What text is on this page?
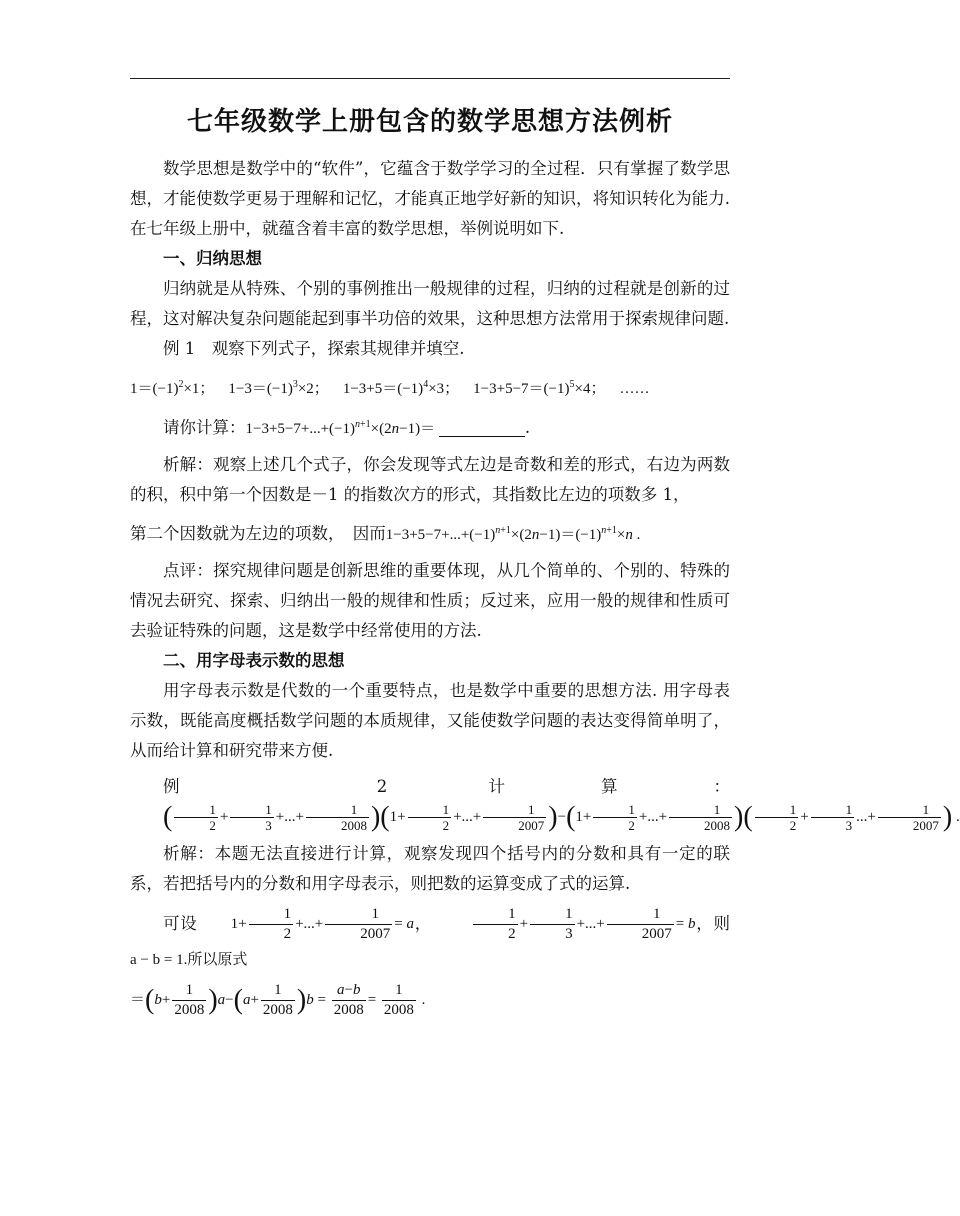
七年级数学上册包含的数学思想方法例析

数学思想是数学中的“软件”，它蕴含于数学学习的全过程．只有掌握了数学思想，才能使数学更易于理解和记忆，才能真正地学好新的知识，将知识转化为能力. 在七年级上册中，就蕴含着丰富的数学思想，举例说明如下.

一、归纳思想

归纳就是从特殊、个别的事例推出一般规律的过程，归纳的过程就是创新的过程，这对解决复杂问题能起到事半功倍的效果，这种思想方法常用于探索规律问题.

例 1　观察下列式子，探索其规律并填空.

$1=(-1)^2\times 1$； $1-3=(-1)^3\times 2$； $1-3+5=(-1)^4\times 3$； $1-3+5-7=(-1)^5\times 4$； ……

请你计算：$1-3+5-7+...+(-1)^{n+1}\times(2n-1)=$	.

析解：观察上述几个式子，你会发现等式左边是奇数和差的形式，右边为两数的积，积中第一个因数是－1 的指数次方的形式，其指数比左边的项数多 1，

第二个因数就为左边的项数，　因而$1-3+5-7+...+(-1)^{n+1}\times(2n-1)=(-1)^{n+1}\times n$ .

点评：探究规律问题是创新思维的重要体现，从几个简单的、个别的、特殊的情况去研究、探索、归纳出一般的规律和性质；反过来，应用一般的规律和性质可去验证特殊的问题，这是数学中经常使用的方法.

二、用字母表示数的思想

用字母表示数是代数的一个重要特点，也是数学中重要的思想方法. 用字母表示数，既能高度概括数学问题的本质规律，又能使数学问题的表达变得简单明了，从而给计算和研究带来方便.

例 2 计算： ( $\frac{1}{2} + \frac{1}{3}$ +...+ $\frac{1}{2008} )(1+ \frac{1}{2}$ +...+ $\frac{1}{2007} )-(1+ \frac{1}{2}$ +...+ $\frac{1}{2008}$ )( $\frac{1}{2} + \frac{1}{3}$ ...+ $\frac{1}{2007}$ ) .

析解：本题无法直接进行计算，观察发现四个括号内的分数和具有一定的联系，若把括号内的分数和用字母表示，则把数的运算变成了式的运算.

可设 $1+ \frac{1}{2}$ +...+ $\frac{1}{2007} = a$，	$\frac{1}{2} + \frac{1}{3}$ +...+ $\frac{1}{2007} = b$，则a − b = 1.所以原式

$=(b+ \frac{1}{2008} )a-(a+ \frac{1}{2008} )b = \frac{a-b}{2008} = \frac{1}{2008}$ .
